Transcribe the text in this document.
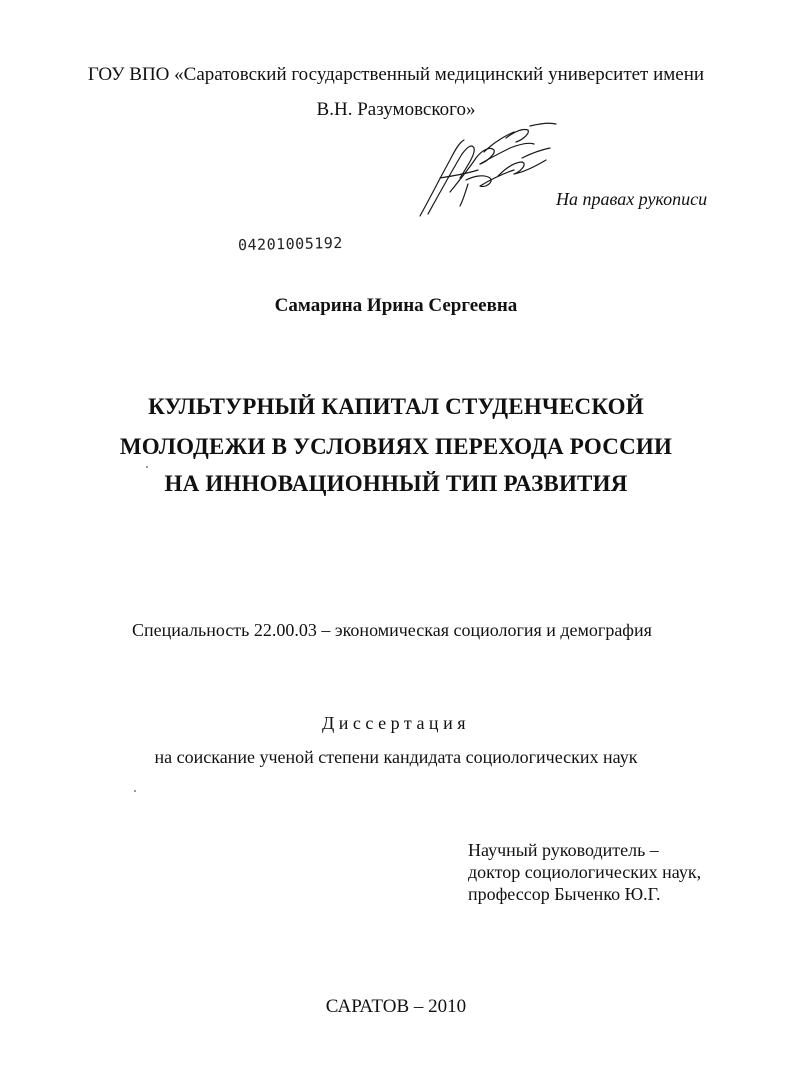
ГОУ ВПО «Саратовский государственный медицинский университет имени
В.Н. Разумовского»
На правах рукописи
04201005192
Самарина Ирина Сергеевна
КУЛЬТУРНЫЙ КАПИТАЛ СТУДЕНЧЕСКОЙ
МОЛОДЕЖИ В УСЛОВИЯХ ПЕРЕХОДА РОССИИ
НА ИННОВАЦИОННЫЙ ТИП РАЗВИТИЯ
Специальность 22.00.03 – экономическая социология и демография
Диссертация
на соискание ученой степени кандидата социологических наук
Научный руководитель –
доктор социологических наук,
профессор Быченко Ю.Г.
САРАТОВ – 2010
